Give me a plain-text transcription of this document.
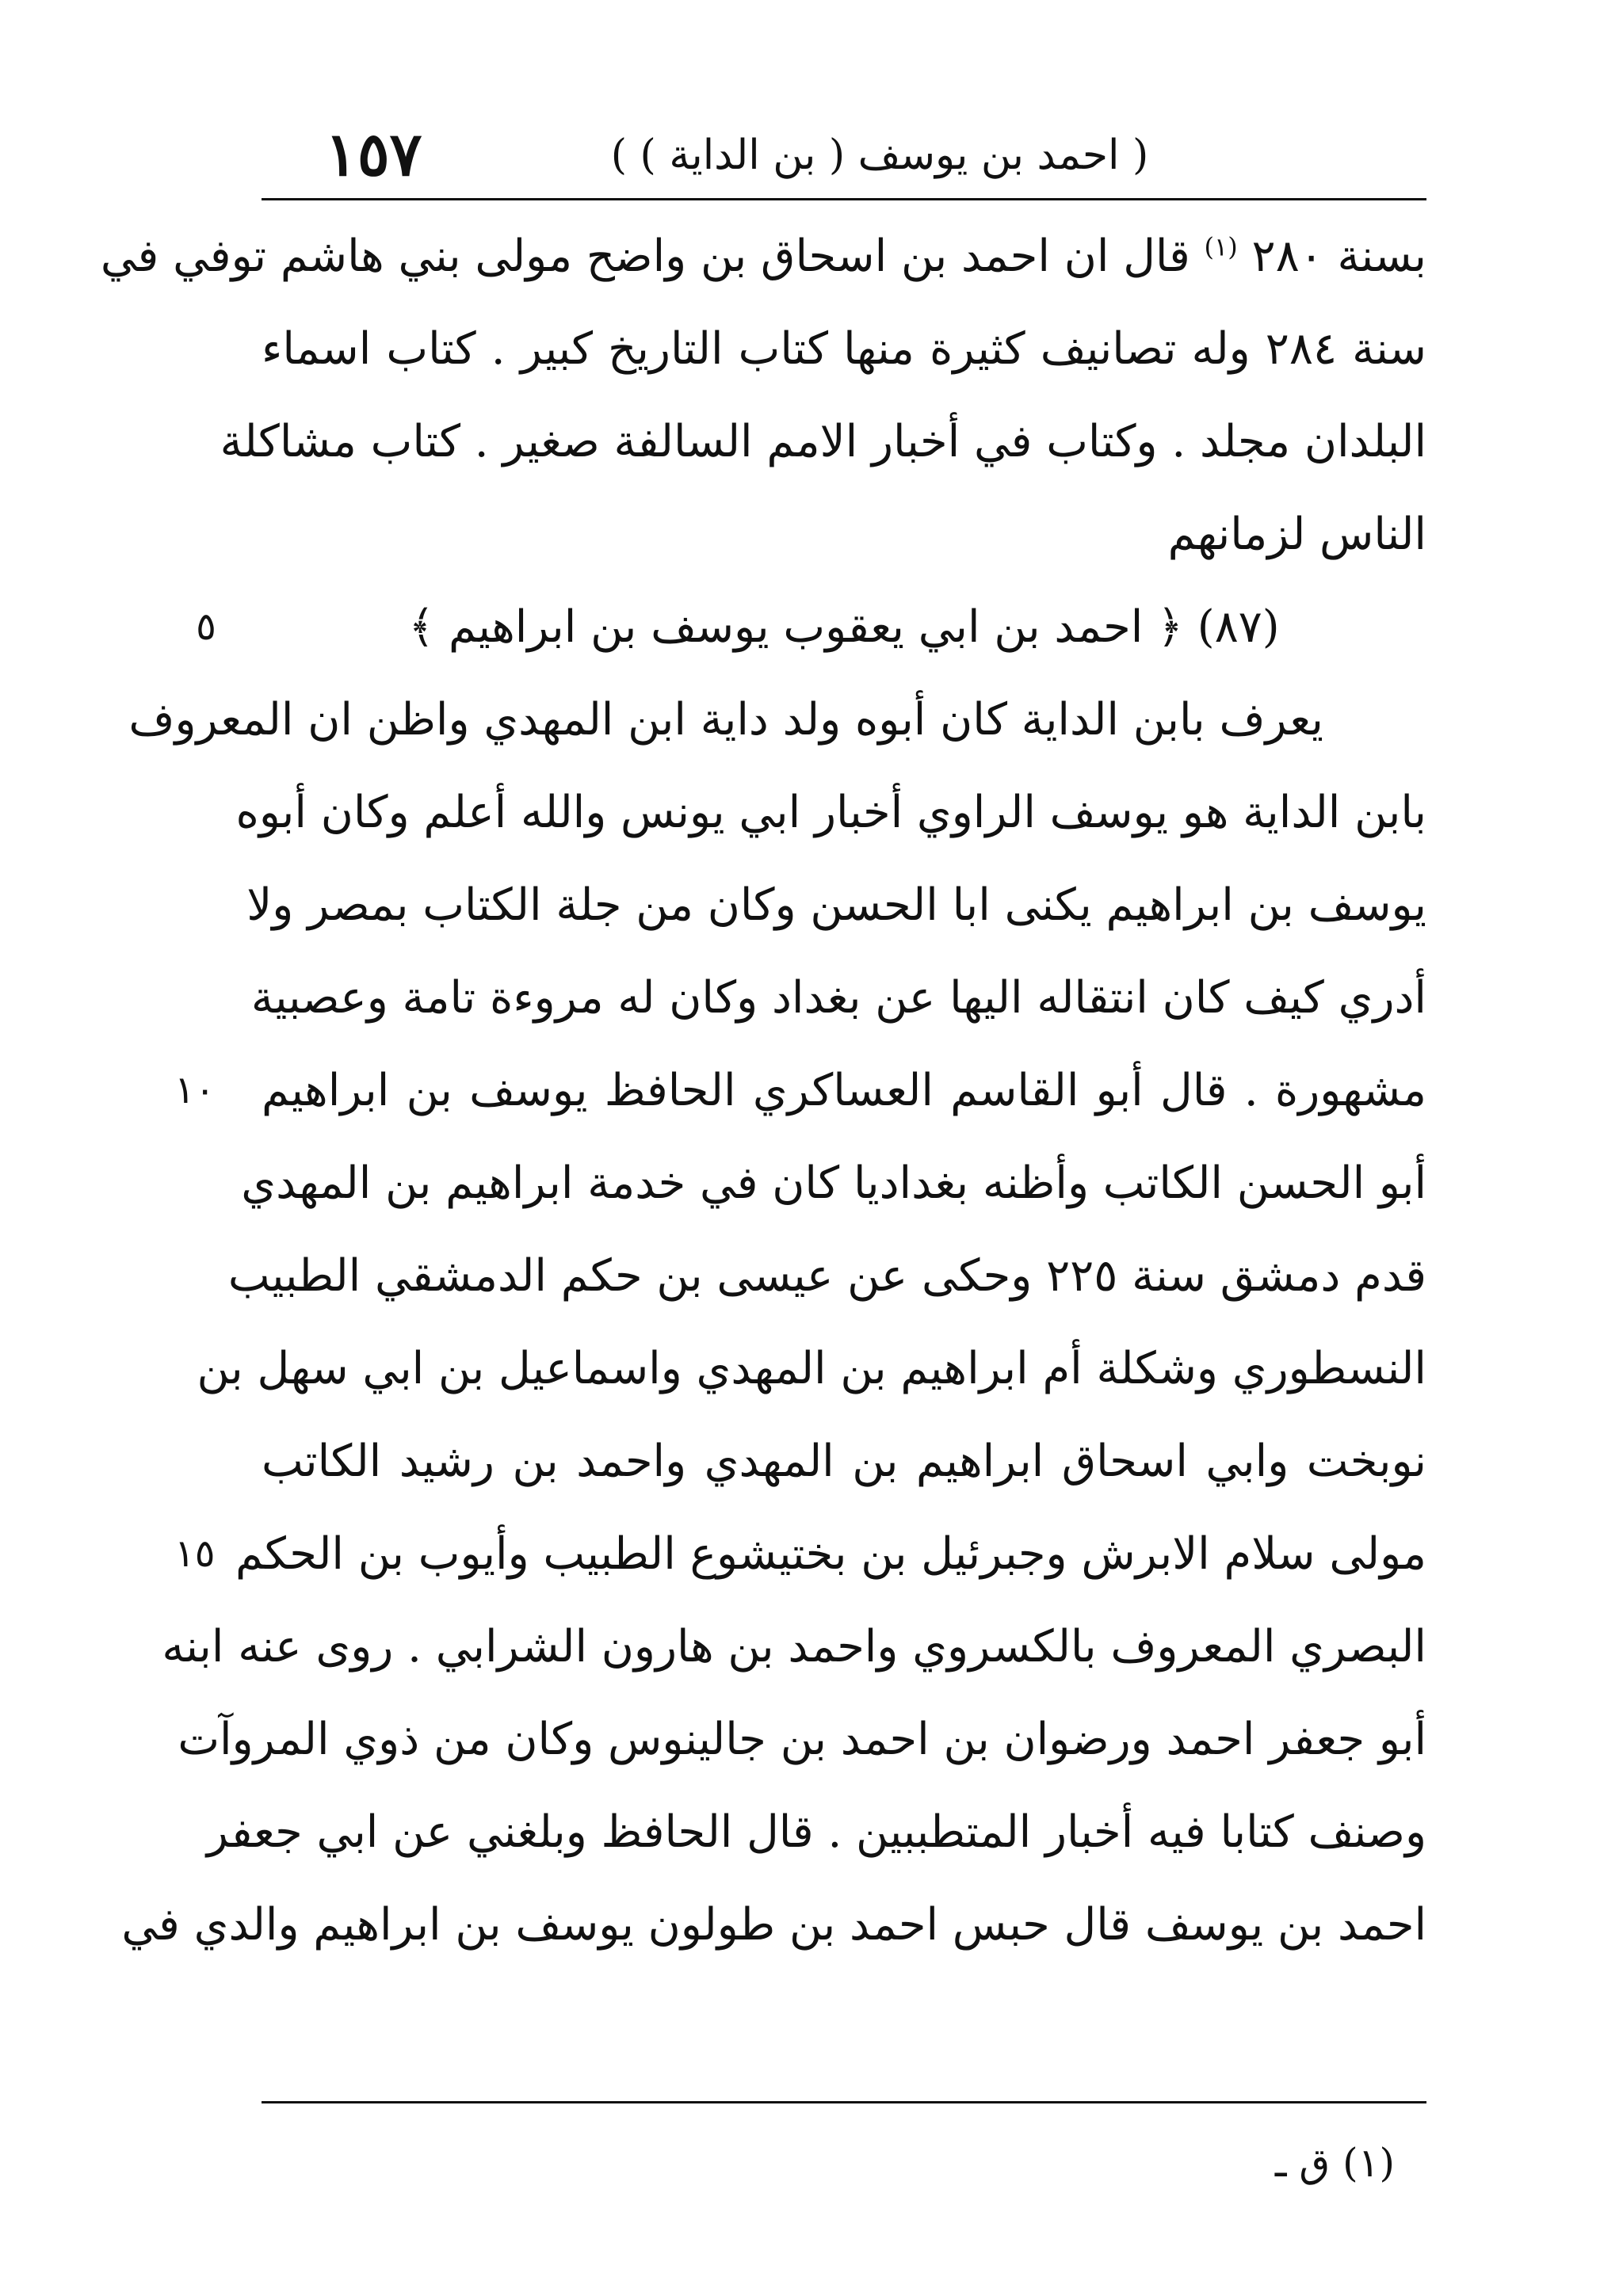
١٥٧	( احمد بن يوسف ( بن الداية ) )
بسنة ٢٨٠ $^{(١)}$ قال ان احمد بن اسحاق بن واضح مولى بني هاشم توفي في
سنة ٢٨٤ وله تصانيف كثيرة منها كتاب التاريخ كبير . كتاب اسماء
البلدان مجلد . وكتاب في أخبار الامم السالفة صغير . كتاب مشاكلة
الناس لزمانهم
(٨٧) ﴿ احمد بن ابي يعقوب يوسف بن ابراهيم ﴾
٥
يعرف بابن الداية كان أبوه ولد داية ابن المهدي واظن ان المعروف
بابن الداية هو يوسف الراوي أخبار ابي يونس والله أعلم وكان أبوه
يوسف بن ابراهيم يكنى ابا الحسن وكان من جلة الكتاب بمصر ولا
أدري كيف كان انتقاله اليها عن بغداد وكان له مروءة تامة وعصبية
مشهورة . قال أبو القاسم العساكري الحافظ يوسف بن ابراهيم
١٠
أبو الحسن الكاتب وأظنه بغداديا كان في خدمة ابراهيم بن المهدي
قدم دمشق سنة ٢٢٥ وحكى عن عيسى بن حكم الدمشقي الطبيب
النسطوري وشكلة أم ابراهيم بن المهدي واسماعيل بن ابي سهل بن
نوبخت وابي اسحاق ابراهيم بن المهدي واحمد بن رشيد الكاتب
مولى سلام الابرش وجبرئيل بن بختيشوع الطبيب وأيوب بن الحكم
١٥
البصري المعروف بالكسروي واحمد بن هارون الشرابي . روى عنه ابنه
أبو جعفر احمد ورضوان بن احمد بن جالينوس وكان من ذوي المروآت
وصنف كتابا فيه أخبار المتطببين . قال الحافظ وبلغني عن ابي جعفر
احمد بن يوسف قال حبس احمد بن طولون يوسف بن ابراهيم والدي في
(١) ق ـ
